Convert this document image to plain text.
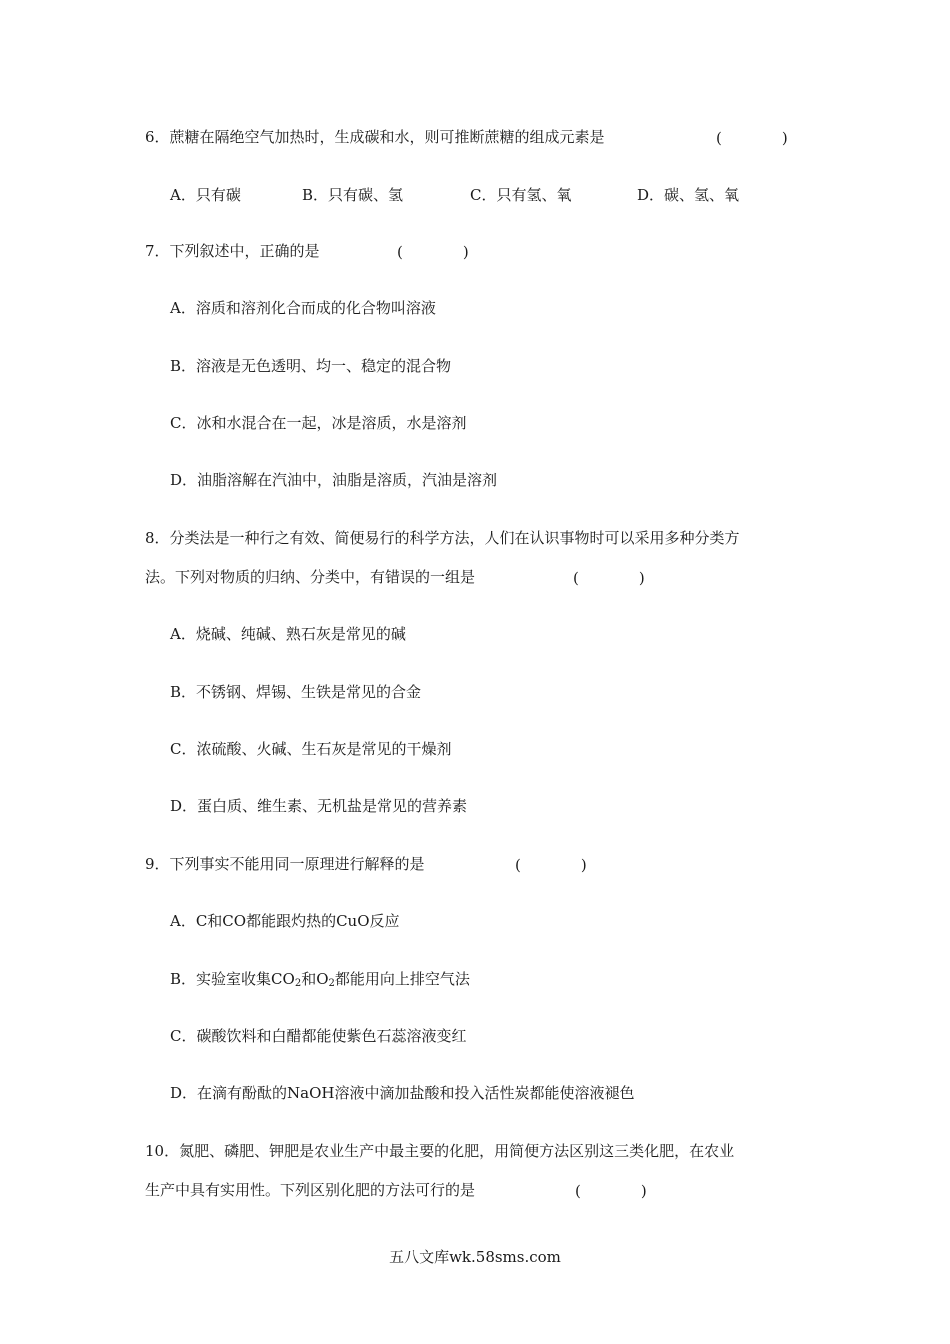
6．蔗糖在隔绝空气加热时，生成碳和水，则可推断蔗糖的组成元素是	(　　　　)
A．只有碳	B．只有碳、氢	C．只有氢、氧	D．碳、氢、氧
7．下列叙述中，正确的是	(　　　　)
A．溶质和溶剂化合而成的化合物叫溶液
B．溶液是无色透明、均一、稳定的混合物
C．冰和水混合在一起，冰是溶质，水是溶剂
D．油脂溶解在汽油中，油脂是溶质，汽油是溶剂
8．分类法是一种行之有效、简便易行的科学方法，人们在认识事物时可以采用多种分类方
法。下列对物质的归纳、分类中，有错误的一组是	(　　　　)
A．烧碱、纯碱、熟石灰是常见的碱
B．不锈钢、焊锡、生铁是常见的合金
C．浓硫酸、火碱、生石灰是常见的干燥剂
D．蛋白质、维生素、无机盐是常见的营养素
9．下列事实不能用同一原理进行解释的是	(　　　　)
A．C和CO都能跟灼热的CuO反应
B．实验室收集$CO_2$和$O_2$都能用向上排空气法
C．碳酸饮料和白醋都能使紫色石蕊溶液变红
D．在滴有酚酞的NaOH溶液中滴加盐酸和投入活性炭都能使溶液褪色
10．氮肥、磷肥、钾肥是农业生产中最主要的化肥，用简便方法区别这三类化肥，在农业
生产中具有实用性。下列区别化肥的方法可行的是	(　　　　)
五八文库wk.58sms.com
